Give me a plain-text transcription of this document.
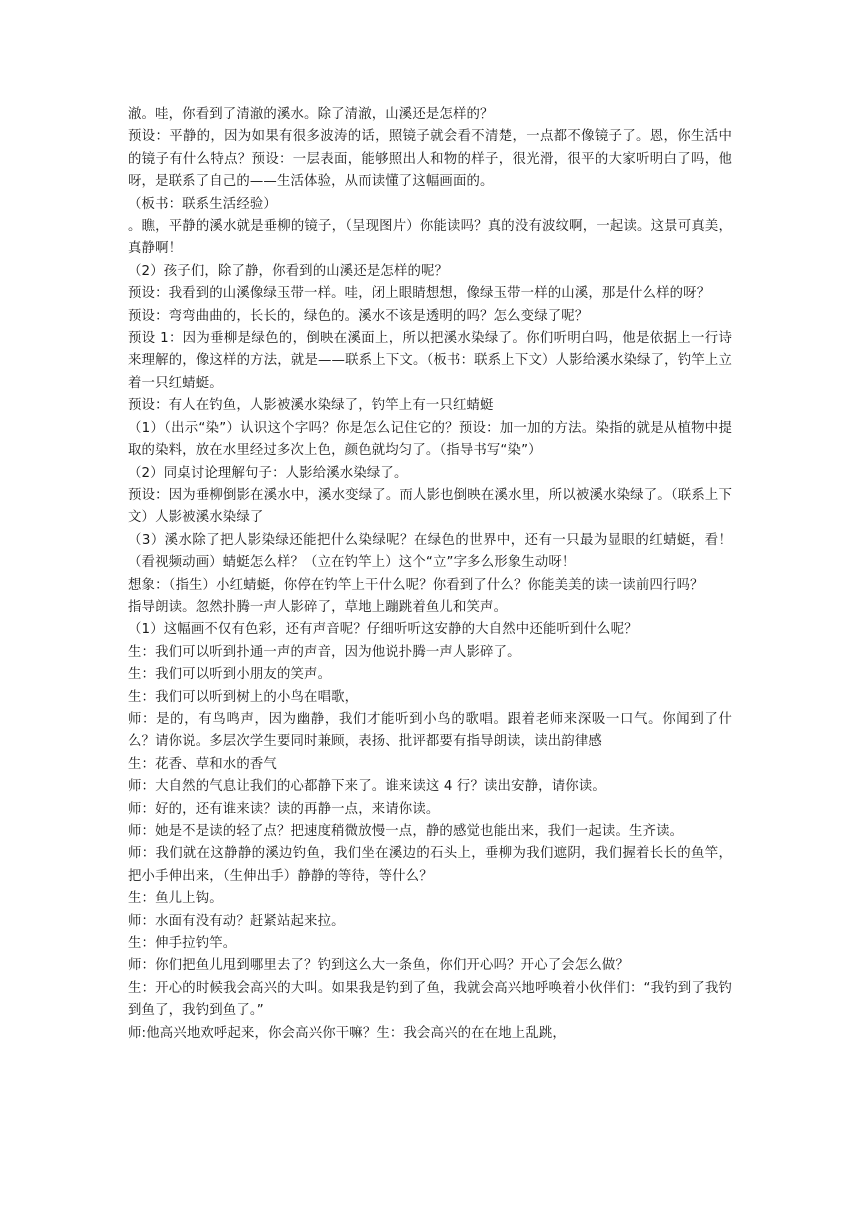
澈。哇，你看到了清澈的溪水。除了清澈，山溪还是怎样的？

预设：平静的，因为如果有很多波涛的话，照镜子就会看不清楚，一点都不像镜子了。恩，你生活中的镜子有什么特点？预设：一层表面，能够照出人和物的样子，很光滑，很平的大家听明白了吗，他呀，是联系了自己的——生活体验，从而读懂了这幅画面的。

（板书：联系生活经验）

。瞧，平静的溪水就是垂柳的镜子，（呈现图片）你能读吗？真的没有波纹啊，一起读。这景可真美，真静啊！

（2）孩子们，除了静，你看到的山溪还是怎样的呢？

预设：我看到的山溪像绿玉带一样。哇，闭上眼睛想想，像绿玉带一样的山溪，那是什么样的呀？

预设：弯弯曲曲的，长长的，绿色的。溪水不该是透明的吗？怎么变绿了呢？

预设 1：因为垂柳是绿色的，倒映在溪面上，所以把溪水染绿了。你们听明白吗，他是依据上一行诗来理解的，像这样的方法，就是——联系上下文。（板书：联系上下文）人影给溪水染绿了，钓竿上立着一只红蜻蜓。

预设：有人在钓鱼，人影被溪水染绿了，钓竿上有一只红蜻蜓

（1）（出示“染”）认识这个字吗？你是怎么记住它的？预设：加一加的方法。染指的就是从植物中提取的染料，放在水里经过多次上色，颜色就均匀了。（指导书写“染”）

（2）同桌讨论理解句子：人影给溪水染绿了。

预设：因为垂柳倒影在溪水中，溪水变绿了。而人影也倒映在溪水里，所以被溪水染绿了。（联系上下文）人影被溪水染绿了

（3）溪水除了把人影染绿还能把什么染绿呢？在绿色的世界中，还有一只最为显眼的红蜻蜓，看！（看视频动画）蜻蜓怎么样？（立在钓竿上）这个“立”字多么形象生动呀！

想象：（指生）小红蜻蜓，你停在钓竿上干什么呢？你看到了什么？你能美美的读一读前四行吗？

指导朗读。忽然扑腾一声人影碎了，草地上蹦跳着鱼儿和笑声。

（1）这幅画不仅有色彩，还有声音呢？仔细听听这安静的大自然中还能听到什么呢？

生：我们可以听到扑通一声的声音，因为他说扑腾一声人影碎了。

生：我们可以听到小朋友的笑声。

生：我们可以听到树上的小鸟在唱歌，

师：是的，有鸟鸣声，因为幽静，我们才能听到小鸟的歌唱。跟着老师来深吸一口气。你闻到了什么？请你说。多层次学生要同时兼顾，表扬、批评都要有指导朗读，读出韵律感

生：花香、草和水的香气

师：大自然的气息让我们的心都静下来了。谁来读这 4 行？读出安静，请你读。

师：好的，还有谁来读？读的再静一点，来请你读。

师：她是不是读的轻了点？把速度稍微放慢一点，静的感觉也能出来，我们一起读。生齐读。

师：我们就在这静静的溪边钓鱼，我们坐在溪边的石头上，垂柳为我们遮阴，我们握着长长的鱼竿，把小手伸出来，（生伸出手）静静的等待，等什么？

生：鱼儿上钩。

师：水面有没有动？赶紧站起来拉。

生：伸手拉钓竿。

师：你们把鱼儿甩到哪里去了？钓到这么大一条鱼，你们开心吗？开心了会怎么做？

生：开心的时候我会高兴的大叫。如果我是钓到了鱼，我就会高兴地呼唤着小伙伴们：“我钓到了我钓到鱼了，我钓到鱼了。”

师:他高兴地欢呼起来，你会高兴你干嘛？生：我会高兴的在在地上乱跳，
